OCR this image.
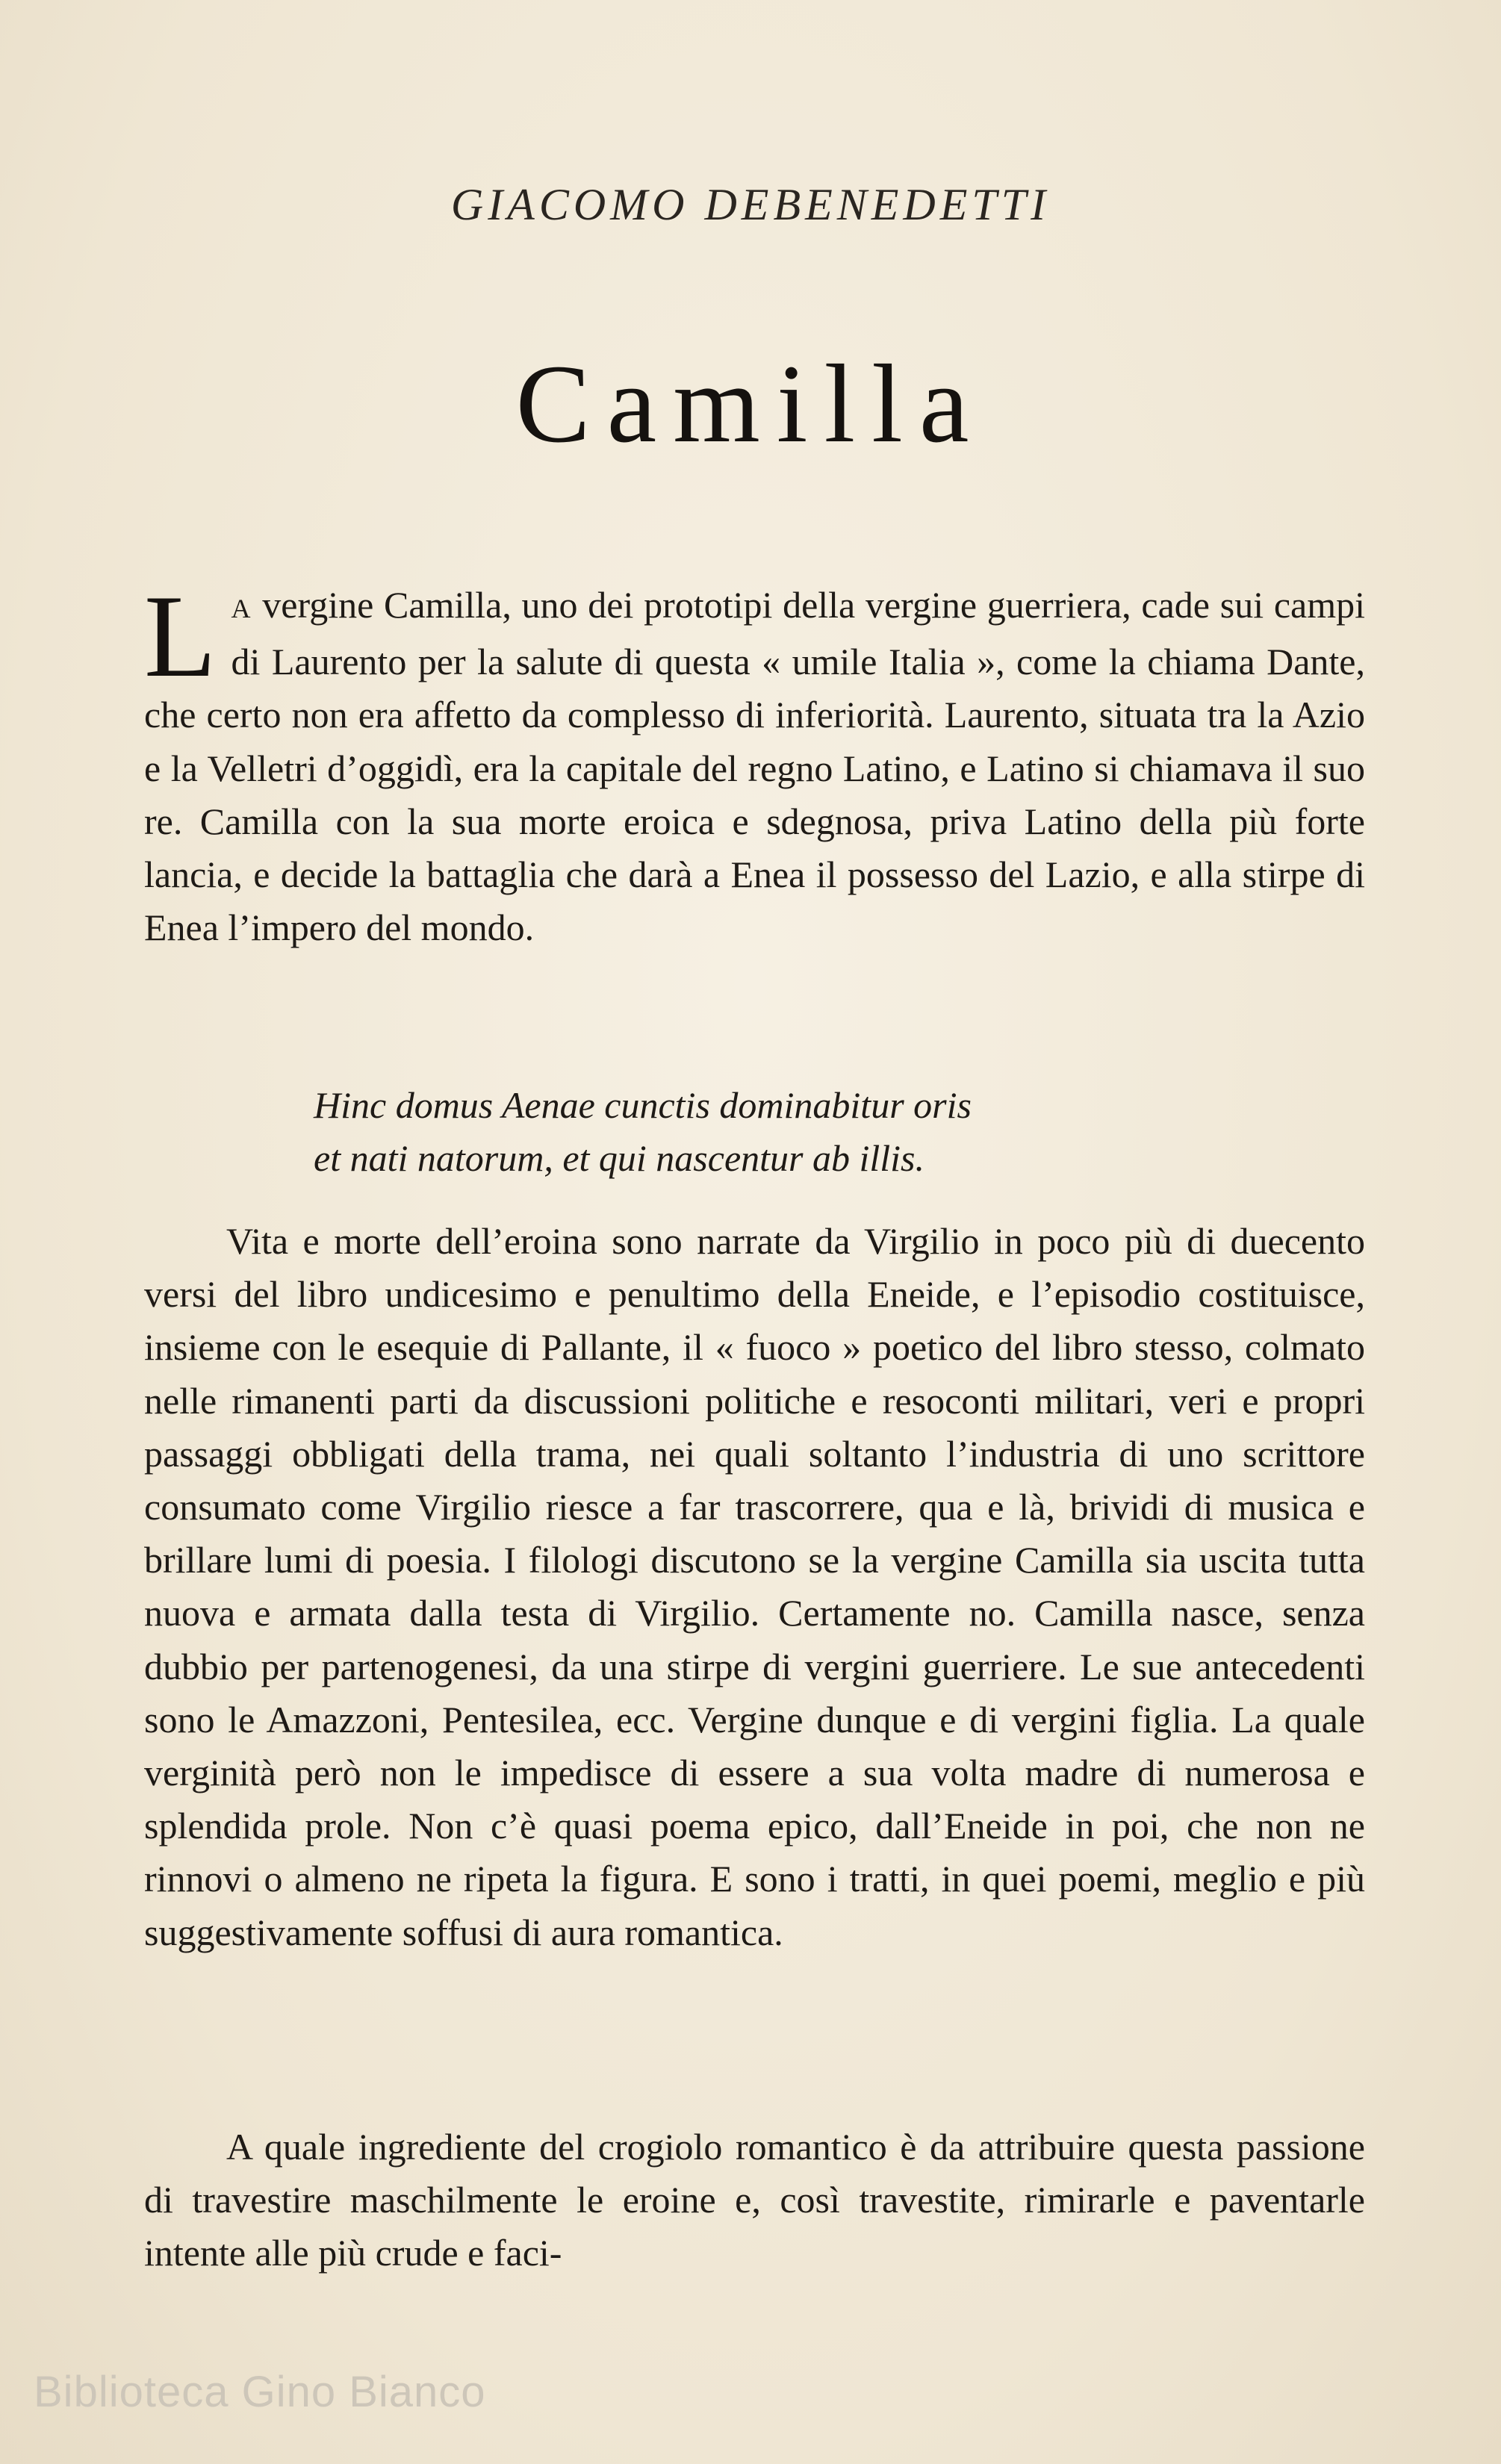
GIACOMO DEBENEDETTI
Camilla

L A vergine Camilla, uno dei prototipi della vergine guerriera, cade sui campi di Laurento per la salute di questa « umile Italia », come la chiama Dante, che certo non era affetto da complesso di inferiorità. Laurento, situata tra la Azio e la Velletri d’oggidì, era la capitale del regno Latino, e Latino si chiamava il suo re. Camilla con la sua morte eroica e sdegnosa, priva Latino della più forte lancia, e decide la battaglia che darà a Enea il possesso del Lazio, e alla stirpe di Enea l’impero del mondo.

Hinc domus Aenae cunctis dominabitur oris
et nati natorum, et qui nascentur ab illis.

Vita e morte dell’eroina sono narrate da Virgilio in poco più di duecento versi del libro undicesimo e penultimo della Eneide, e l’episodio costituisce, insieme con le esequie di Pallante, il « fuoco » poetico del libro stesso, colmato nelle rimanenti parti da discussioni politiche e resoconti militari, veri e propri passaggi obbligati della trama, nei quali soltanto l’industria di uno scrittore consumato come Virgilio riesce a far trascorrere, qua e là, brividi di musica e brillare lumi di poesia. I filologi discutono se la vergine Camilla sia uscita tutta nuova e armata dalla testa di Virgilio. Certamente no. Camilla nasce, senza dubbio per partenogenesi, da una stirpe di vergini guerriere. Le sue antecedenti sono le Amazzoni, Pentesilea, ecc. Vergine dunque e di vergini figlia. La quale verginità però non le impedisce di essere a sua volta madre di numerosa e splendida prole. Non c’è quasi poema epico, dall’Eneide in poi, che non ne rinnovi o almeno ne ripeta la figura. E sono i tratti, in quei poemi, meglio e più suggestivamente soffusi di aura romantica.

A quale ingrediente del crogiolo romantico è da attribuire questa passione di travestire maschilmente le eroine e, così travestite, rimirarle e paventarle intente alle più crude e faci-

Biblioteca Gino Bianco
